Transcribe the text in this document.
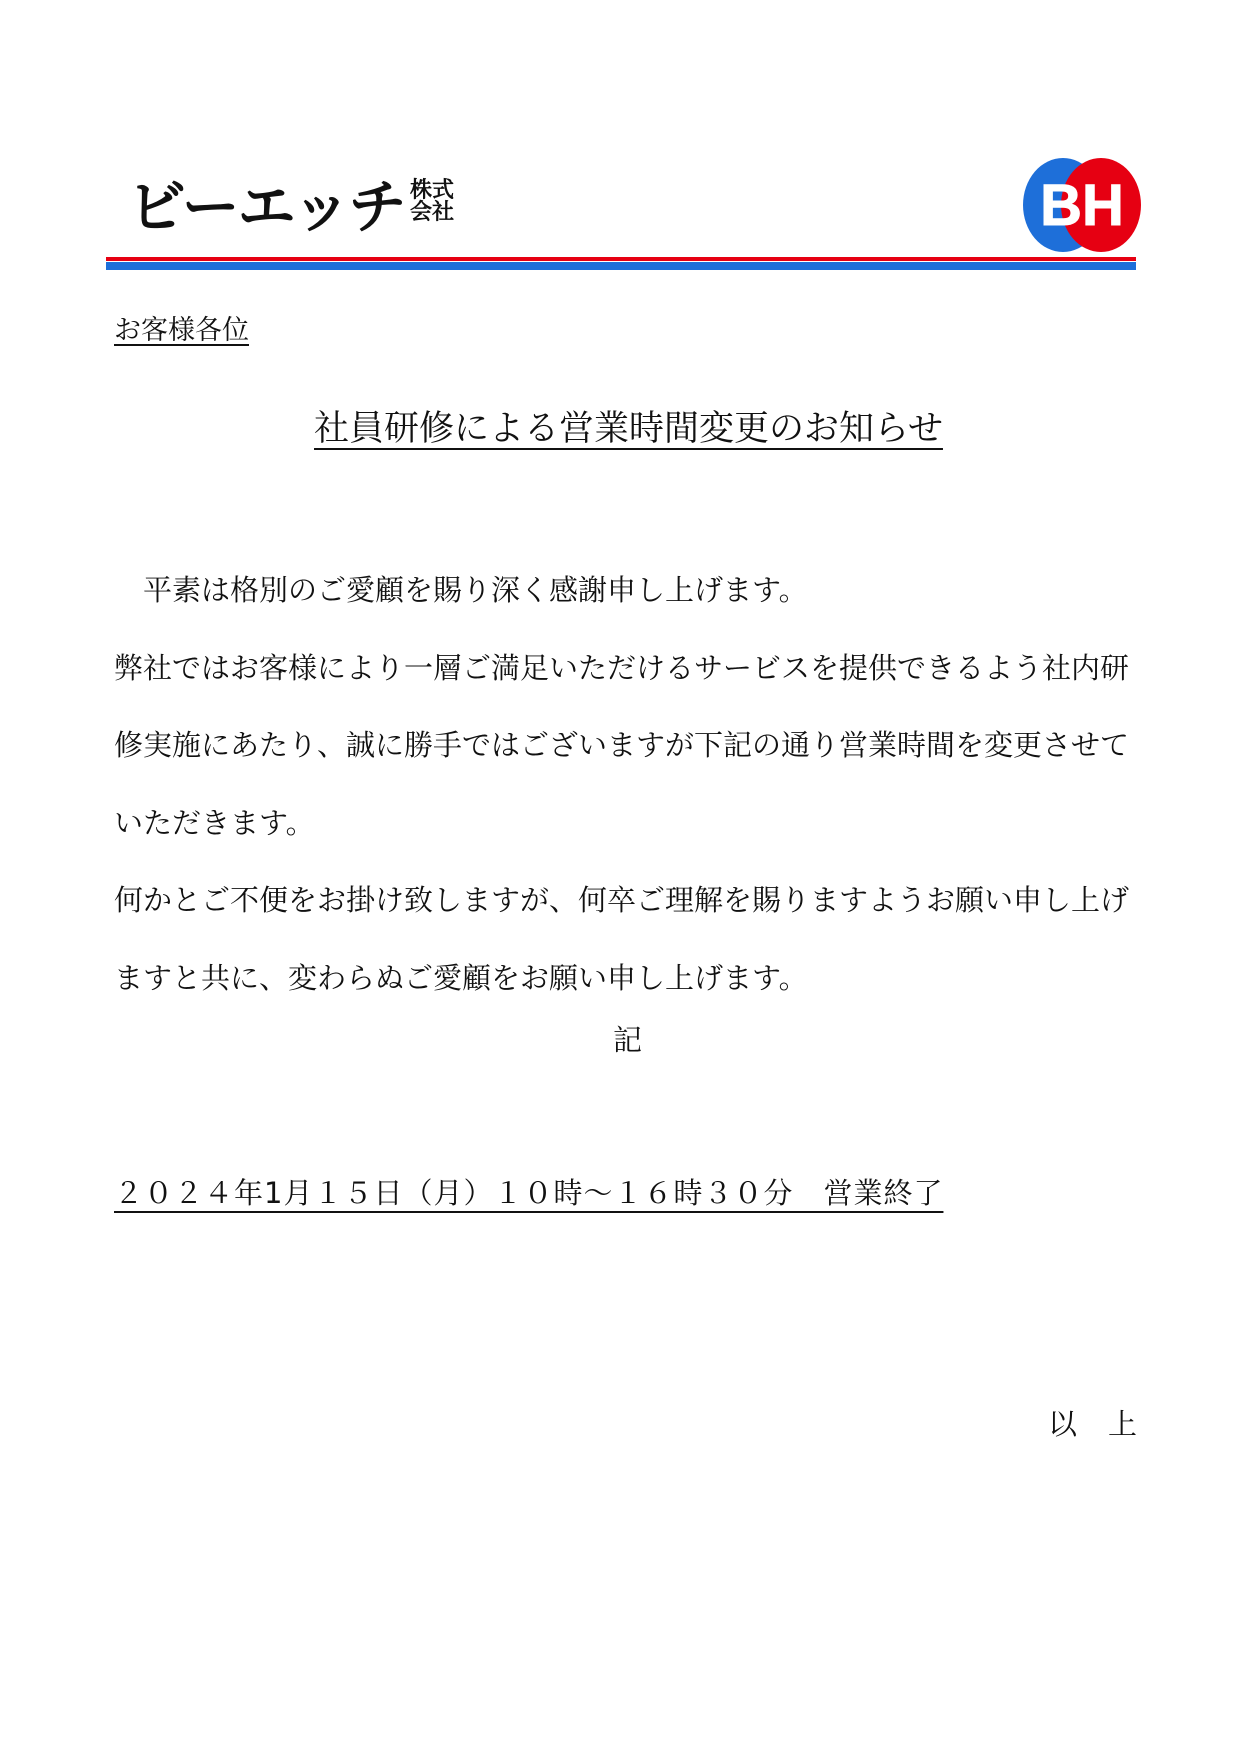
ビーエッチ 株式
会社	BH
お客様各位
社員研修による営業時間変更のお知らせ

平素は格別のご愛顧を賜り深く感謝申し上げます。

弊社ではお客様により一層ご満足いただけるサービスを提供できるよう社内研修実施にあたり、誠に勝手ではございますが下記の通り営業時間を変更させていただきます。

何かとご不便をお掛け致しますが、何卒ご理解を賜りますようお願い申し上げますと共に、変わらぬご愛顧をお願い申し上げます。

記
２０２４年1月１５日（月）１０時～１６時３０分　営業終了
以　上
